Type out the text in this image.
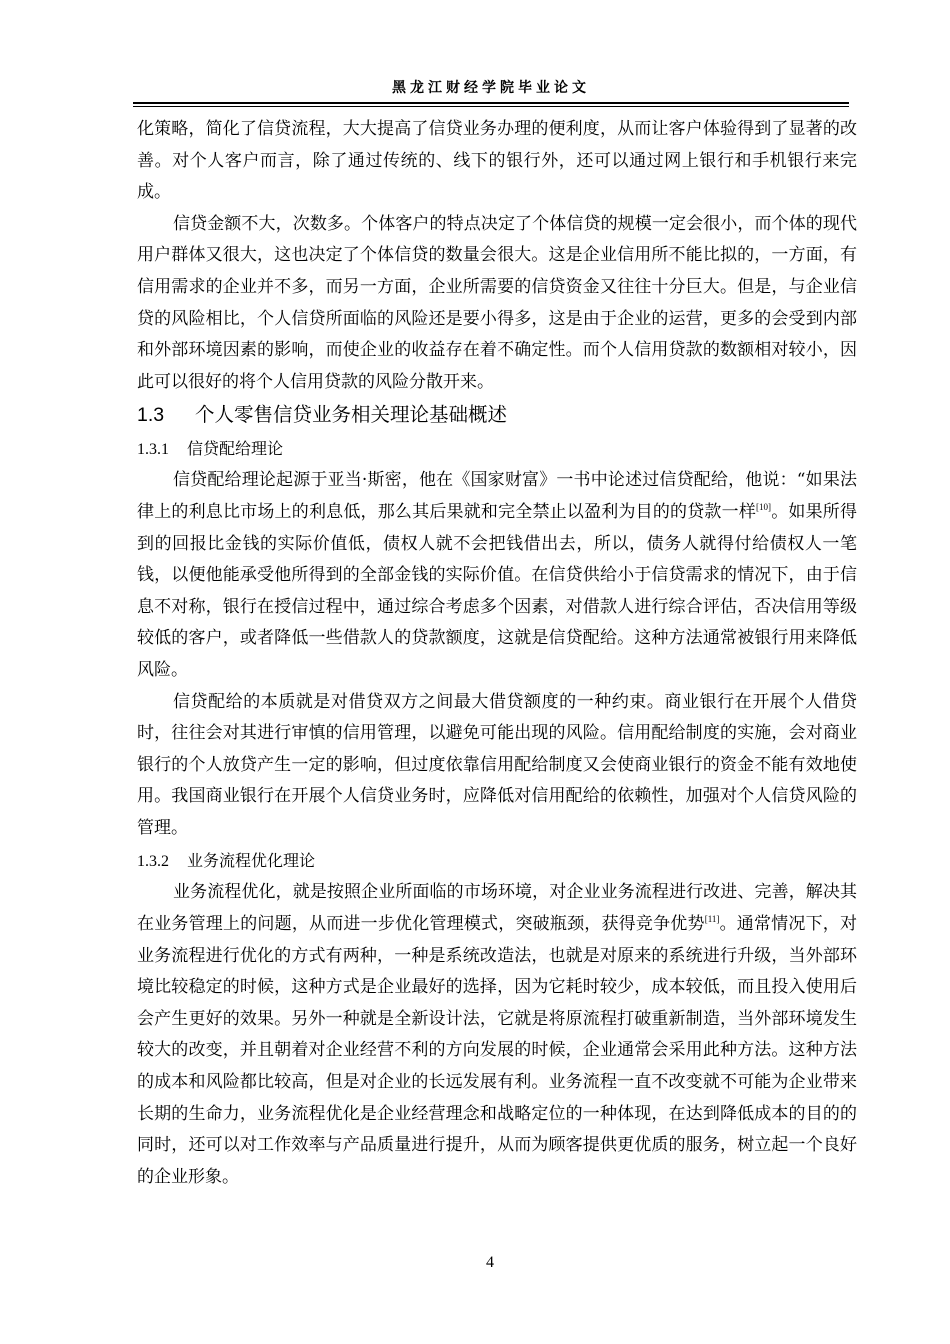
黑龙江财经学院毕业论文

化策略，简化了信贷流程，大大提高了信贷业务办理的便利度，从而让客户体验得到了显著的改善。对个人客户而言，除了通过传统的、线下的银行外，还可以通过网上银行和手机银行来完成。

信贷金额不大，次数多。个体客户的特点决定了个体信贷的规模一定会很小，而个体的现代用户群体又很大，这也决定了个体信贷的数量会很大。这是企业信用所不能比拟的，一方面，有信用需求的企业并不多，而另一方面，企业所需要的信贷资金又往往十分巨大。但是，与企业信贷的风险相比，个人信贷所面临的风险还是要小得多，这是由于企业的运营，更多的会受到内部和外部环境因素的影响，而使企业的收益存在着不确定性。而个人信用贷款的数额相对较小，因此可以很好的将个人信用贷款的风险分散开来。

1.3 个人零售信贷业务相关理论基础概述
1.3.1 信贷配给理论

信贷配给理论起源于亚当·斯密，他在《国家财富》一书中论述过信贷配给，他说：“如果法律上的利息比市场上的利息低，那么其后果就和完全禁止以盈利为目的的贷款一样[10]。如果所得到的回报比金钱的实际价值低，债权人就不会把钱借出去，所以，债务人就得付给债权人一笔钱，以便他能承受他所得到的全部金钱的实际价值。在信贷供给小于信贷需求的情况下，由于信息不对称，银行在授信过程中，通过综合考虑多个因素，对借款人进行综合评估，否决信用等级较低的客户，或者降低一些借款人的贷款额度，这就是信贷配给。这种方法通常被银行用来降低风险。

信贷配给的本质就是对借贷双方之间最大借贷额度的一种约束。商业银行在开展个人借贷时，往往会对其进行审慎的信用管理，以避免可能出现的风险。信用配给制度的实施，会对商业银行的个人放贷产生一定的影响，但过度依靠信用配给制度又会使商业银行的资金不能有效地使用。我国商业银行在开展个人信贷业务时，应降低对信用配给的依赖性，加强对个人信贷风险的管理。

1.3.2 业务流程优化理论

业务流程优化，就是按照企业所面临的市场环境，对企业业务流程进行改进、完善，解决其在业务管理上的问题，从而进一步优化管理模式，突破瓶颈，获得竞争优势[11]。通常情况下，对业务流程进行优化的方式有两种，一种是系统改造法，也就是对原来的系统进行升级，当外部环境比较稳定的时候，这种方式是企业最好的选择，因为它耗时较少，成本较低，而且投入使用后会产生更好的效果。另外一种就是全新设计法，它就是将原流程打破重新制造，当外部环境发生较大的改变，并且朝着对企业经营不利的方向发展的时候，企业通常会采用此种方法。这种方法的成本和风险都比较高，但是对企业的长远发展有利。业务流程一直不改变就不可能为企业带来长期的生命力，业务流程优化是企业经营理念和战略定位的一种体现，在达到降低成本的目的的同时，还可以对工作效率与产品质量进行提升，从而为顾客提供更优质的服务，树立起一个良好的企业形象。

4
